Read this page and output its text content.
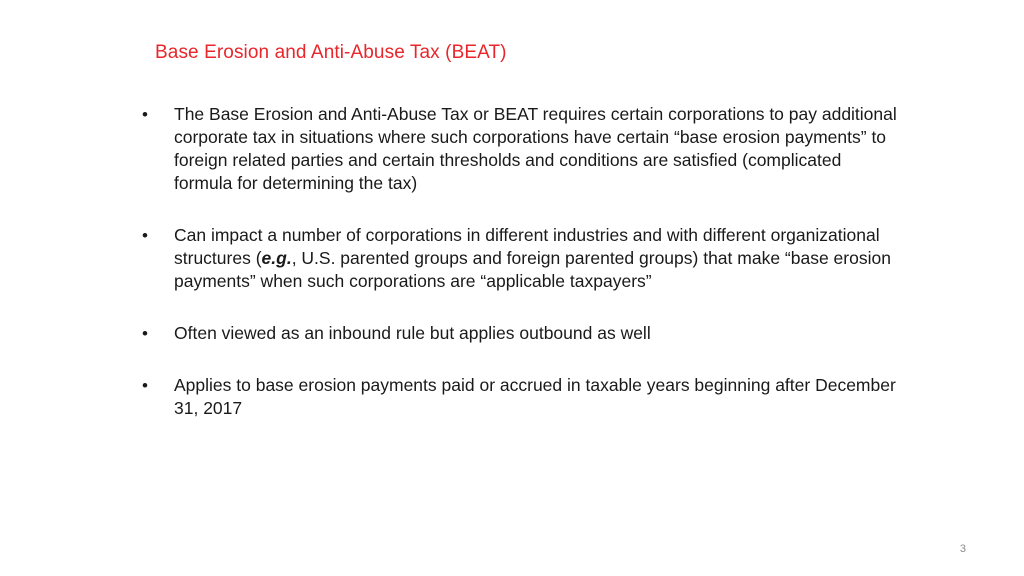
Base Erosion and Anti-Abuse Tax (BEAT)
•	The Base Erosion and Anti-Abuse Tax or BEAT requires certain corporations to pay additional corporate tax in situations where such corporations have certain “base erosion payments” to foreign related parties and certain thresholds and conditions are satisfied (complicated formula for determining the tax)
•	Can impact a number of corporations in different industries and with different organizational structures (e.g., U.S. parented groups and foreign parented groups) that make “base erosion payments” when such corporations are “applicable taxpayers”
•	Often viewed as an inbound rule but applies outbound as well
•	Applies to base erosion payments paid or accrued in taxable years beginning after December 31, 2017
3
